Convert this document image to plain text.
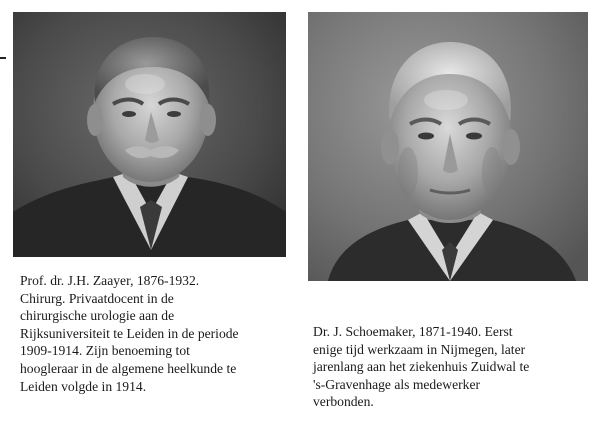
Prof. dr. J.H. Zaayer, 1876-1932.
Chirurg. Privaatdocent in de
chirurgische urologie aan de
Rijksuniversiteit te Leiden in de periode
1909-1914. Zijn benoeming tot
hoogleraar in de algemene heelkunde te
Leiden volgde in 1914.

Dr. J. Schoemaker, 1871-1940. Eerst
enige tijd werkzaam in Nijmegen, later
jarenlang aan het ziekenhuis Zuidwal te
's-Gravenhage als medewerker
verbonden.
